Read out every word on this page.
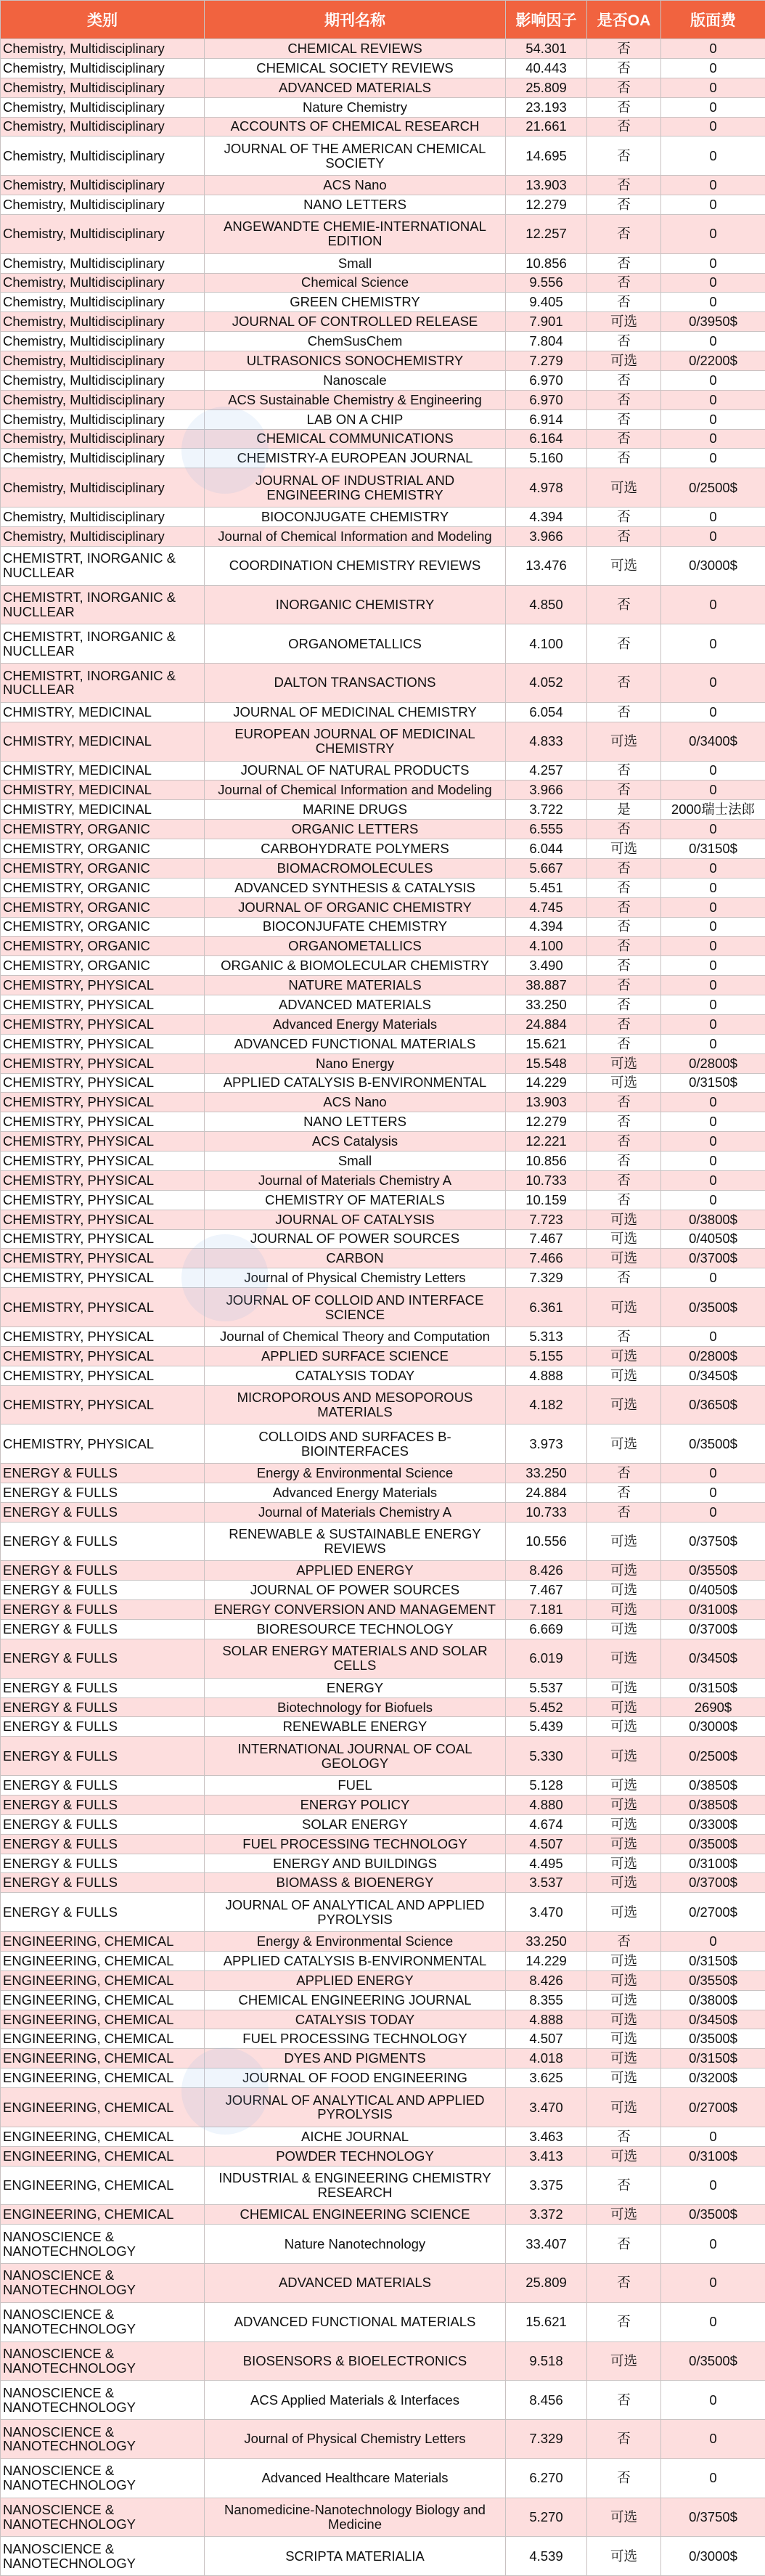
类别	期刊名称	影响因子	是否OA	版面费
Chemistry, Multidisciplinary	CHEMICAL REVIEWS	54.301	否	0
Chemistry, Multidisciplinary	CHEMICAL SOCIETY REVIEWS	40.443	否	0
Chemistry, Multidisciplinary	ADVANCED MATERIALS	25.809	否	0
Chemistry, Multidisciplinary	Nature Chemistry	23.193	否	0
Chemistry, Multidisciplinary	ACCOUNTS OF CHEMICAL RESEARCH	21.661	否	0
Chemistry, Multidisciplinary	JOURNAL OF THE AMERICAN CHEMICAL SOCIETY	14.695	否	0
Chemistry, Multidisciplinary	ACS Nano	13.903	否	0
Chemistry, Multidisciplinary	NANO LETTERS	12.279	否	0
Chemistry, Multidisciplinary	ANGEWANDTE CHEMIE-INTERNATIONAL EDITION	12.257	否	0
Chemistry, Multidisciplinary	Small	10.856	否	0
Chemistry, Multidisciplinary	Chemical Science	9.556	否	0
Chemistry, Multidisciplinary	GREEN CHEMISTRY	9.405	否	0
Chemistry, Multidisciplinary	JOURNAL OF CONTROLLED RELEASE	7.901	可选	0/3950$
Chemistry, Multidisciplinary	ChemSusChem	7.804	否	0
Chemistry, Multidisciplinary	ULTRASONICS SONOCHEMISTRY	7.279	可选	0/2200$
Chemistry, Multidisciplinary	Nanoscale	6.970	否	0
Chemistry, Multidisciplinary	ACS Sustainable Chemistry & Engineering	6.970	否	0
Chemistry, Multidisciplinary	LAB ON A CHIP	6.914	否	0
Chemistry, Multidisciplinary	CHEMICAL COMMUNICATIONS	6.164	否	0
Chemistry, Multidisciplinary	CHEMISTRY-A EUROPEAN JOURNAL	5.160	否	0
Chemistry, Multidisciplinary	JOURNAL OF INDUSTRIAL AND ENGINEERING CHEMISTRY	4.978	可选	0/2500$
Chemistry, Multidisciplinary	BIOCONJUGATE CHEMISTRY	4.394	否	0
Chemistry, Multidisciplinary	Journal of Chemical Information and Modeling	3.966	否	0
CHEMISTRT, INORGANIC & NUCLLEAR	COORDINATION CHEMISTRY REVIEWS	13.476	可选	0/3000$
CHEMISTRT, INORGANIC & NUCLLEAR	INORGANIC CHEMISTRY	4.850	否	0
CHEMISTRT, INORGANIC & NUCLLEAR	ORGANOMETALLICS	4.100	否	0
CHEMISTRT, INORGANIC & NUCLLEAR	DALTON TRANSACTIONS	4.052	否	0
CHMISTRY, MEDICINAL	JOURNAL OF MEDICINAL CHEMISTRY	6.054	否	0
CHMISTRY, MEDICINAL	EUROPEAN JOURNAL OF MEDICINAL CHEMISTRY	4.833	可选	0/3400$
CHMISTRY, MEDICINAL	JOURNAL OF NATURAL PRODUCTS	4.257	否	0
CHMISTRY, MEDICINAL	Journal of Chemical Information and Modeling	3.966	否	0
CHMISTRY, MEDICINAL	MARINE DRUGS	3.722	是	2000瑞士法郎
CHEMISTRY, ORGANIC	ORGANIC LETTERS	6.555	否	0
CHEMISTRY, ORGANIC	CARBOHYDRATE POLYMERS	6.044	可选	0/3150$
CHEMISTRY, ORGANIC	BIOMACROMOLECULES	5.667	否	0
CHEMISTRY, ORGANIC	ADVANCED SYNTHESIS & CATALYSIS	5.451	否	0
CHEMISTRY, ORGANIC	JOURNAL OF ORGANIC CHEMISTRY	4.745	否	0
CHEMISTRY, ORGANIC	BIOCONJUFATE CHEMISTRY	4.394	否	0
CHEMISTRY, ORGANIC	ORGANOMETALLICS	4.100	否	0
CHEMISTRY, ORGANIC	ORGANIC & BIOMOLECULAR CHEMISTRY	3.490	否	0
CHEMISTRY, PHYSICAL	NATURE MATERIALS	38.887	否	0
CHEMISTRY, PHYSICAL	ADVANCED MATERIALS	33.250	否	0
CHEMISTRY, PHYSICAL	Advanced Energy Materials	24.884	否	0
CHEMISTRY, PHYSICAL	ADVANCED FUNCTIONAL MATERIALS	15.621	否	0
CHEMISTRY, PHYSICAL	Nano Energy	15.548	可选	0/2800$
CHEMISTRY, PHYSICAL	APPLIED CATALYSIS B-ENVIRONMENTAL	14.229	可选	0/3150$
CHEMISTRY, PHYSICAL	ACS Nano	13.903	否	0
CHEMISTRY, PHYSICAL	NANO LETTERS	12.279	否	0
CHEMISTRY, PHYSICAL	ACS Catalysis	12.221	否	0
CHEMISTRY, PHYSICAL	Small	10.856	否	0
CHEMISTRY, PHYSICAL	Journal of Materials Chemistry A	10.733	否	0
CHEMISTRY, PHYSICAL	CHEMISTRY OF MATERIALS	10.159	否	0
CHEMISTRY, PHYSICAL	JOURNAL OF CATALYSIS	7.723	可选	0/3800$
CHEMISTRY, PHYSICAL	JOURNAL OF POWER SOURCES	7.467	可选	0/4050$
CHEMISTRY, PHYSICAL	CARBON	7.466	可选	0/3700$
CHEMISTRY, PHYSICAL	Journal of Physical Chemistry Letters	7.329	否	0
CHEMISTRY, PHYSICAL	JOURNAL OF COLLOID AND INTERFACE SCIENCE	6.361	可选	0/3500$
CHEMISTRY, PHYSICAL	Journal of Chemical Theory and Computation	5.313	否	0
CHEMISTRY, PHYSICAL	APPLIED SURFACE SCIENCE	5.155	可选	0/2800$
CHEMISTRY, PHYSICAL	CATALYSIS TODAY	4.888	可选	0/3450$
CHEMISTRY, PHYSICAL	MICROPOROUS AND MESOPOROUS MATERIALS	4.182	可选	0/3650$
CHEMISTRY, PHYSICAL	COLLOIDS AND SURFACES B-BIOINTERFACES	3.973	可选	0/3500$
ENERGY & FULLS	Energy & Environmental Science	33.250	否	0
ENERGY & FULLS	Advanced Energy Materials	24.884	否	0
ENERGY & FULLS	Journal of Materials Chemistry A	10.733	否	0
ENERGY & FULLS	RENEWABLE & SUSTAINABLE ENERGY REVIEWS	10.556	可选	0/3750$
ENERGY & FULLS	APPLIED ENERGY	8.426	可选	0/3550$
ENERGY & FULLS	JOURNAL OF POWER SOURCES	7.467	可选	0/4050$
ENERGY & FULLS	ENERGY CONVERSION AND MANAGEMENT	7.181	可选	0/3100$
ENERGY & FULLS	BIORESOURCE TECHNOLOGY	6.669	可选	0/3700$
ENERGY & FULLS	SOLAR ENERGY MATERIALS AND SOLAR CELLS	6.019	可选	0/3450$
ENERGY & FULLS	ENERGY	5.537	可选	0/3150$
ENERGY & FULLS	Biotechnology for Biofuels	5.452	可选	2690$
ENERGY & FULLS	RENEWABLE ENERGY	5.439	可选	0/3000$
ENERGY & FULLS	INTERNATIONAL JOURNAL OF COAL GEOLOGY	5.330	可选	0/2500$
ENERGY & FULLS	FUEL	5.128	可选	0/3850$
ENERGY & FULLS	ENERGY POLICY	4.880	可选	0/3850$
ENERGY & FULLS	SOLAR ENERGY	4.674	可选	0/3300$
ENERGY & FULLS	FUEL PROCESSING TECHNOLOGY	4.507	可选	0/3500$
ENERGY & FULLS	ENERGY AND BUILDINGS	4.495	可选	0/3100$
ENERGY & FULLS	BIOMASS & BIOENERGY	3.537	可选	0/3700$
ENERGY & FULLS	JOURNAL OF ANALYTICAL AND APPLIED PYROLYSIS	3.470	可选	0/2700$
ENGINEERING, CHEMICAL	Energy & Environmental Science	33.250	否	0
ENGINEERING, CHEMICAL	APPLIED CATALYSIS B-ENVIRONMENTAL	14.229	可选	0/3150$
ENGINEERING, CHEMICAL	APPLIED ENERGY	8.426	可选	0/3550$
ENGINEERING, CHEMICAL	CHEMICAL ENGINEERING JOURNAL	8.355	可选	0/3800$
ENGINEERING, CHEMICAL	CATALYSIS TODAY	4.888	可选	0/3450$
ENGINEERING, CHEMICAL	FUEL PROCESSING TECHNOLOGY	4.507	可选	0/3500$
ENGINEERING, CHEMICAL	DYES AND PIGMENTS	4.018	可选	0/3150$
ENGINEERING, CHEMICAL	JOURNAL OF FOOD ENGINEERING	3.625	可选	0/3200$
ENGINEERING, CHEMICAL	JOURNAL OF ANALYTICAL AND APPLIED PYROLYSIS	3.470	可选	0/2700$
ENGINEERING, CHEMICAL	AICHE JOURNAL	3.463	否	0
ENGINEERING, CHEMICAL	POWDER TECHNOLOGY	3.413	可选	0/3100$
ENGINEERING, CHEMICAL	INDUSTRIAL & ENGINEERING CHEMISTRY RESEARCH	3.375	否	0
ENGINEERING, CHEMICAL	CHEMICAL ENGINEERING SCIENCE	3.372	可选	0/3500$
NANOSCIENCE & NANOTECHNOLOGY	Nature Nanotechnology	33.407	否	0
NANOSCIENCE & NANOTECHNOLOGY	ADVANCED MATERIALS	25.809	否	0
NANOSCIENCE & NANOTECHNOLOGY	ADVANCED FUNCTIONAL MATERIALS	15.621	否	0
NANOSCIENCE & NANOTECHNOLOGY	BIOSENSORS & BIOELECTRONICS	9.518	可选	0/3500$
NANOSCIENCE & NANOTECHNOLOGY	ACS Applied Materials & Interfaces	8.456	否	0
NANOSCIENCE & NANOTECHNOLOGY	Journal of Physical Chemistry Letters	7.329	否	0
NANOSCIENCE & NANOTECHNOLOGY	Advanced Healthcare Materials	6.270	否	0
NANOSCIENCE & NANOTECHNOLOGY	Nanomedicine-Nanotechnology Biology and Medicine	5.270	可选	0/3750$
NANOSCIENCE & NANOTECHNOLOGY	SCRIPTA MATERIALIA	4.539	可选	0/3000$
